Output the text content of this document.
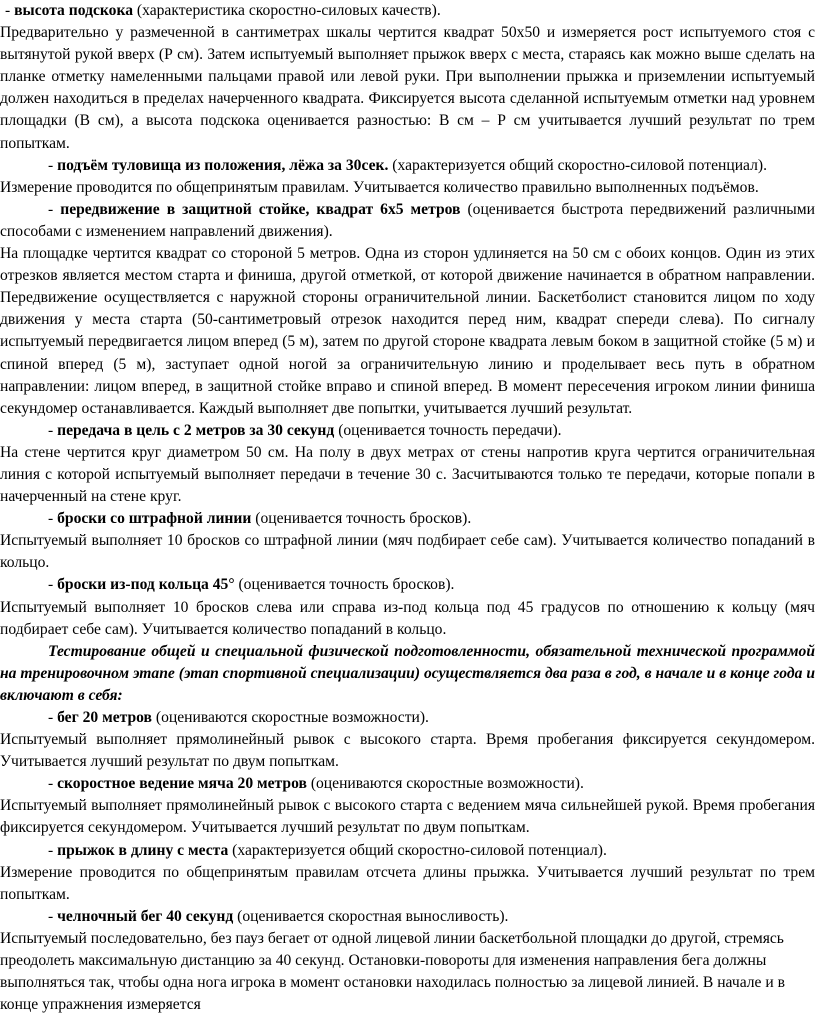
- высота подскока (характеристика скоростно-силовых качеств).

Предварительно у размеченной в сантиметрах шкалы чертится квадрат 50х50 и измеряется рост испытуемого стоя с вытянутой рукой вверх (Р см). Затем испытуемый выполняет прыжок вверх с места, стараясь как можно выше сделать на планке отметку намеленными пальцами правой или левой руки. При выполнении прыжка и приземлении испытуемый должен находиться в пределах начерченного квадрата. Фиксируется высота сделанной испытуемым отметки над уровнем площадки (В см), а высота подскока оценивается разностью: В см – Р см учитывается лучший результат по трем попыткам.

- подъём туловища из положения, лёжа за 30сек. (характеризуется общий скоростно-силовой потенциал).

Измерение проводится по общепринятым правилам. Учитывается количество правильно выполненных подъёмов.

- передвижение в защитной стойке, квадрат 6х5 метров (оценивается быстрота передвижений различными способами с изменением направлений движения).

На площадке чертится квадрат со стороной 5 метров. Одна из сторон удлиняется на 50 см с обоих концов. Один из этих отрезков является местом старта и финиша, другой отметкой, от которой движение начинается в обратном направлении. Передвижение осуществляется с наружной стороны ограничительной линии. Баскетболист становится лицом по ходу движения у места старта (50-сантиметровый отрезок находится перед ним, квадрат спереди слева). По сигналу испытуемый передвигается лицом вперед (5 м), затем по другой стороне квадрата левым боком в защитной стойке (5 м) и спиной вперед (5 м), заступает одной ногой за ограничительную линию и проделывает весь путь в обратном направлении: лицом вперед, в защитной стойке вправо и спиной вперед. В момент пересечения игроком линии финиша секундомер останавливается. Каждый выполняет две попытки, учитывается лучший результат.

- передача в цель с 2 метров за 30 секунд (оценивается точность передачи).

На стене чертится круг диаметром 50 см. На полу в двух метрах от стены напротив круга чертится ограничительная линия с которой испытуемый выполняет передачи в течение 30 с. Засчитываются только те передачи, которые попали в начерченный на стене круг.

- броски со штрафной линии (оценивается точность бросков).

Испытуемый выполняет 10 бросков со штрафной линии (мяч подбирает себе сам). Учитывается количество попаданий в кольцо.

- броски из-под кольца 45° (оценивается точность бросков).

Испытуемый выполняет 10 бросков слева или справа из-под кольца под 45 градусов по отношению к кольцу (мяч подбирает себе сам). Учитывается количество попаданий в кольцо.

Тестирование общей и специальной физической подготовленности, обязательной технической программой на тренировочном этапе (этап спортивной специализации) осуществляется два раза в год, в начале и в конце года и включают в себя:

- бег 20 метров (оцениваются скоростные возможности).

Испытуемый выполняет прямолинейный рывок с высокого старта. Время пробегания фиксируется секундомером. Учитывается лучший результат по двум попыткам.

- скоростное ведение мяча 20 метров (оцениваются скоростные возможности).

Испытуемый выполняет прямолинейный рывок с высокого старта с ведением мяча сильнейшей рукой. Время пробегания фиксируется секундомером. Учитывается лучший результат по двум попыткам.

- прыжок в длину с места (характеризуется общий скоростно-силовой потенциал).

Измерение проводится по общепринятым правилам отсчета длины прыжка. Учитывается лучший результат по трем попыткам.

- челночный бег 40 секунд (оценивается скоростная выносливость).

Испытуемый последовательно, без пауз бегает от одной лицевой линии баскетбольной площадки до другой, стремясь преодолеть максимальную дистанцию за 40 секунд. Остановки-повороты для изменения направления бега должны выполняться так, чтобы одна нога игрока в момент остановки находилась полностью за лицевой линией. В начале и в конце упражнения измеряется
